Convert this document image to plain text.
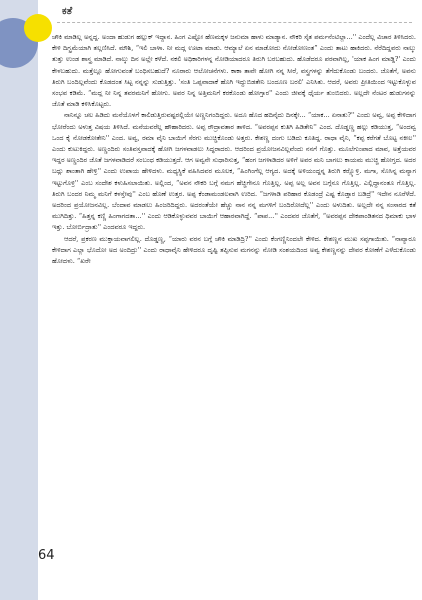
ಕತೆ

ಚೌಕಿ ಮಾಡಿಲ್ಲ ಅನ್ನದ್ದ. ಅಂದಾ ಹುಡುಗ ಹಲ್ಲುಕ್ ಇದ್ದಾನ. ಹಿಂಗ ಎಷ್ಟೋ ಹೆಣಮಕ್ಕಳ ಜನುಮಾ ಹಾಳು ಮಾಡ್ಯಾನ. ನೌಕರಿ ಸೈತ ಪರ್ಮನೆಂಟಿಲ್ಲಾ...'' ಎಂದೆಲ್ಲ ವಿಚಾರ ತಿಳಿಸಿದರು. ಕೇಳಿ ದಿಗ್ಭ್ರಮೆಯಾಗಿ ತಲ್ಲಣಿಸಿದೆ. ಮೌಶಿ, “ಇಲಿ ಬಾಳಾ. ನೀ ಮದ್ಲ ಊಟಾ ಮಾಡು. ಆಮ್ಯಾಲೆ ಏನ ಮಾಡೋದು ನೋಡೋಣಂತ” ಎಂದು ತಾಟು ಹಾಕಿದರು. ನೆರೆದಿದ್ದವರು ನಾಲ್ಕು ತುತ್ತು ಉಂಡ ಶಾಸ್ತ್ರ ಮಾಡಿದೆ. ನಾಲ್ಕು ದಿನ ಅಲ್ಲೇ ಕಳೆದೆ. ನಕಲಿ ಅಧಿಕಾರಿಗಳನ್ನ ನೋಡಿಯಾದರೂ ತಿರುಗಿ ಬರಬಹುದು. ಹೊಡೆದರೂ ಪರವಾಗಿಲ್ಲ, 'ಯಾಕ ಹಿಂಗ ಮಾಡ್ದಿ?' ಎಂದು ಕೇಳಬಹುದು. ಮತ್ತೆಲ್ಲೂ ಹೋಗುವಂತೆ ಬಂಧಿಸಬಹುದೆ? ನೂರಾರು ಆಲೋಚನೆಗಳು. ಕಾಕಾ ತಾವೇ ಹೋಗಿ ನನ್ನ ಸೀರೆ, ವಸ್ತ್ರಗಳನ್ನು ತೆಗೆದುಕೊಂಡು ಬಂದರು. ಜೊತೆಗೆ, ಅವನು ತಿರುಗಿ ಬಂದಿಲ್ಲವೆಂದು ಕೊಡದಂತ ಸಿಟ್ಟ ನನ್ನನ್ನು ಸುಡುತ್ತಿತ್ತು. 'ಸಂತಿ ಒಪ್ಪವಾದಾಕೆ ಹೊಗಿ ಇದ್ದುಬಿಡತೇನಿ ಬಂದೂಣ ಬರಲಿ' ಎನಿಸಿತು. ಆದರೆ, ಅವರು ಪ್ರೀತಿಯಿಂದ ಇಟ್ಟುಕೊಳ್ಳುವ ಸಂಭವ ಕಡಿಮೆ. “ಮದ್ಲ ನೀ ನಿನ್ನ ತವರಮನಿಗೆ ಹೋಗು. ಅವರ ನಿನ್ನ ಅತ್ತಿಮನಿಗೆ ಕರಕೊಂಡು ಹೋಗ್ತಾರ'' ಎಂದು ಜೀವಕ್ಕೆ ಧೈರ್ಯ ತುಂಬಿದರು. ಅಲ್ಲದೇ ನೆಂಟರ ಹುಡುಗನನ್ನು ಜೊತೆ ಮಾಡಿ ಕಳಿಸಿಕೊಟ್ಟರು.

ನಾನಿನ್ನೂ ಚಲ ಹಿಡಿದು ಮನೆಯೊಳಗೆ ಕಾಲಿಡುತ್ತಿರುವಷ್ಟರಲ್ಲಿಯೇ ಅಣ್ಣನಿಗಂದಿದ್ದರು. ಅದೂ ಹೊದ ಹದಿನೈದು ದಿನಕ್ಕೇ... “ಯಾಕ... ಏನಾತು?'' ಎಂದು ಅವ್ವ, ಅಪ್ಪ ಕೇಳಿದಾಗ ಭೋರೆಂದು ಅಳುತ್ತ ವಿಷಯ ತಿಳಿಸಿದೆ. ಮನೆಯವರೆಲ್ಲ ಹೌಹಾರಿದರು. ಅಪ್ಪ ರೌದ್ರಾವತಾರ ತಾಳಿದ. “ಅವರಪ್ಪನ ಕುತಿಗಿ ಹಿಡಿತೇನಿ'' ಎಂದ. ದೊಡ್ಡಣ್ಣ ಹಲ್ಲು ಕಡಿಯುತ್ತ, “ಅಂದವ್ವ ಒಂದ ಕೈ ನೋಡಕೋತೇನಿ'' ಎಂದ. ಅವ್ವ, ರಮಾ ವೈನಿ ಬಾಯಿಗೆ ಸೆರಗು ಮುಚ್ಚಿಕೊಂಡು ಅತ್ತರು. ಕೇಶಣ್ಣ ದಂಗು ಬಡಿದು ಕೂತಿದ್ದ. ರಾಧಾ ವೈನಿ, “ಕಪ್ಪ ಕರೆಗತೆ ಬೊಟ್ಟ ನಕೀಲ'' ಎಂದು ಕುಟುಕಿದ್ದರು. ಅಣ್ಣಂದಿರು ಸಂತಿವಸ್ತವಾದಕ್ಕೆ ಹೋಗಿ ಜಗಳವಾಡಲು ಸಿದ್ಧರಾದರು. ಆದರಿಂದ ಪ್ರಯೋಜನವಿಲ್ಲವೆಂದು ನನಗೆ ಗೊತ್ತು. ಮೂಲೆಗುಂಪಾದ ಮಾವ, ಅತ್ತೆಯವರ ಇದ್ದರ ಅಣ್ಣಂದಿರ ಜೊತೆ ಜಗಳವಾಡಿದರೆ ಸಂಬಂಧ ಕಡಿಯುತ್ತದೆ. ಆಗ ಅವ್ವನೇ ಸುಧಾರಿಸುತ್ತ, “ಹಂಗ ಜಗಳಾಡಿದರ ಅಳಿಗೆ ಅವರ ಮನಿ ಬಾಗಲು ಕಾಯಮ ಮುಚ್ಚಿ ಹೋಗ್ತದ. ಅದರ ಬದ್ಲು ಶಾಂತಾಗಿ ಹೇಳ್ರಿ'' ಎಂದು ಉಪಾಯ ಹೇಳಿದಳು. ಮಧ್ಯಸ್ಥಿಕೆ ವಹಿಸಿದವರ ಮೂಲಕ, “ಹಿಂಗಿಂಗೆಲ್ಲ ಆಗ್ಯದ. ಅದಕ್ಕೆ ಅಳಿಯಂದ್ದನ್ನ ತಿರುಗಿ ಕರ್‍ಸ್ಕೊಳ್ರಿ. ಮಗಾ, ಸೊಸಿನ್ನ ಮನ್ಯಾಗ ಇಟ್ಟುಗೊಳ್ರಿ'' ಎಂಬ ಸಂದೇಶ ಕಳುಹಿಸಲಾಯಿತು. ಅಲ್ಲಿಂದ, “ಅವನ ನೌಕರಿ ಬಗ್ಗೆ ನಮಗ ಹೆಚ್ಚಿಗೇನೂ ಗೊತ್ತಿಲ್ಲ. ಅಪ್ಪ ಅಲ್ಲ ಅವನ ಬಗ್ಗೆನೂ ಗೊತ್ತಿಲ್ಲ. ಎಲ್ಲಿದ್ದಾನಂತೂ ಗೊತ್ತಿಲ್ಲ. ತಿರುಗಿ ಬಂದರ ನಿಮ್ಮ ಮನಿಗೆ ಕಳಸ್ತೇವು'' ಎಂಬ ಹೊಣೆ ಉತ್ತರ. ಅಪ್ಪ ಕೆಂಡಾಮಂಡಲವಾಗಿ ಉರಿದ. “ಜಗಳಾಡಿ ಪರಿಹಾರ ಕೊಡಂದ್ರೆ ಎಷ್ಟ ಕೊಡ್ತಾರ ಬಡಿದ್ರೆ'' ಇದೇನ ನೂರೆಳೆದೆ. ಅದರಿಂದ ಪ್ರಯೋಜನವಿಲ್ಲ. ಬೆಂದಾವ ಮಾಡಲು ಹಿಂಜರಿದಿದ್ದರು. ಅದರಂತೆಯೇ ಹೆಚ್ಚು ನಾನ ನನ್ನ ಮಗಳಿಗೆ ಬಂದಿರೋದೆಲ್ಲ'' ಎಂದು ಅಳುದಿತು. ಅಲ್ಲದೇ ನನ್ನ ಸಂಸಾರದ ಕತೆ ಮುಗಿದಿತ್ತು. “ಹಿತ್ತನ್ನ ಕಣ್ಣಿ ಹಿಂಗಾಗದತಾ...'' ಎಂದು ಆಡಿಕೊಳ್ಳುವವರ ಬಾಯಿಗೆ ಆಹಾರವಾಗಿದ್ದೆ. “ಪಾಪ...'' ಎಂದವರ ಜೊತೆಗೆ, “ಅವರಪ್ಪನ ದೇಕಪಾಂಡಿತನದ ಧಿಮಾಕು ಭಾಳ ಇತ್ತು. ಬೋರ್ಬಿದ್ರಾತು'' ಎಂದವರೂ ಇದ್ದರು.

ಆದರೆ, ಪ್ರಕರಣ ಮುಕ್ತಾಯವಾಗಲಿಲ್ಲ. ದೊಡ್ಡಣ್ಣ, “ಯಾರು ವರನ ಬಗ್ಗೆ ಚೌಕಿ ಮಾಡಿದ್ರಿ?'' ಎಂದು ಕೆಂಗಣ್ಣಿನಿಂದಲೇ ಕೇಳಿದ. ಕೇಶಣ್ಣನ ಮುಖ ಸಪ್ಪಗಾಯಿತು. “ನಾವ್ಯಾರೂ ಕೇಳಿದಾಗ ಎಲ್ಲಾ ಭೊದೋ ಅದ ಅಂದಿದ್ರು'' ಎಂದು ರಾಧಾವೈನಿ ಹೇಳಿದರೂ ದೃಷ್ಟಿ ತಪ್ಪಿಸುವ ಮಗನನ್ನು ನೋಡಿ ಸಂಶಯದಿಂದ ಅವ್ವ ಕೇಶಣ್ಣನನ್ನು ದೇವರ ಕೋಣೆಗೆ ಎಳೆದುಕೊಂಡು ಹೋದಳು. “ಖರೇ

64
